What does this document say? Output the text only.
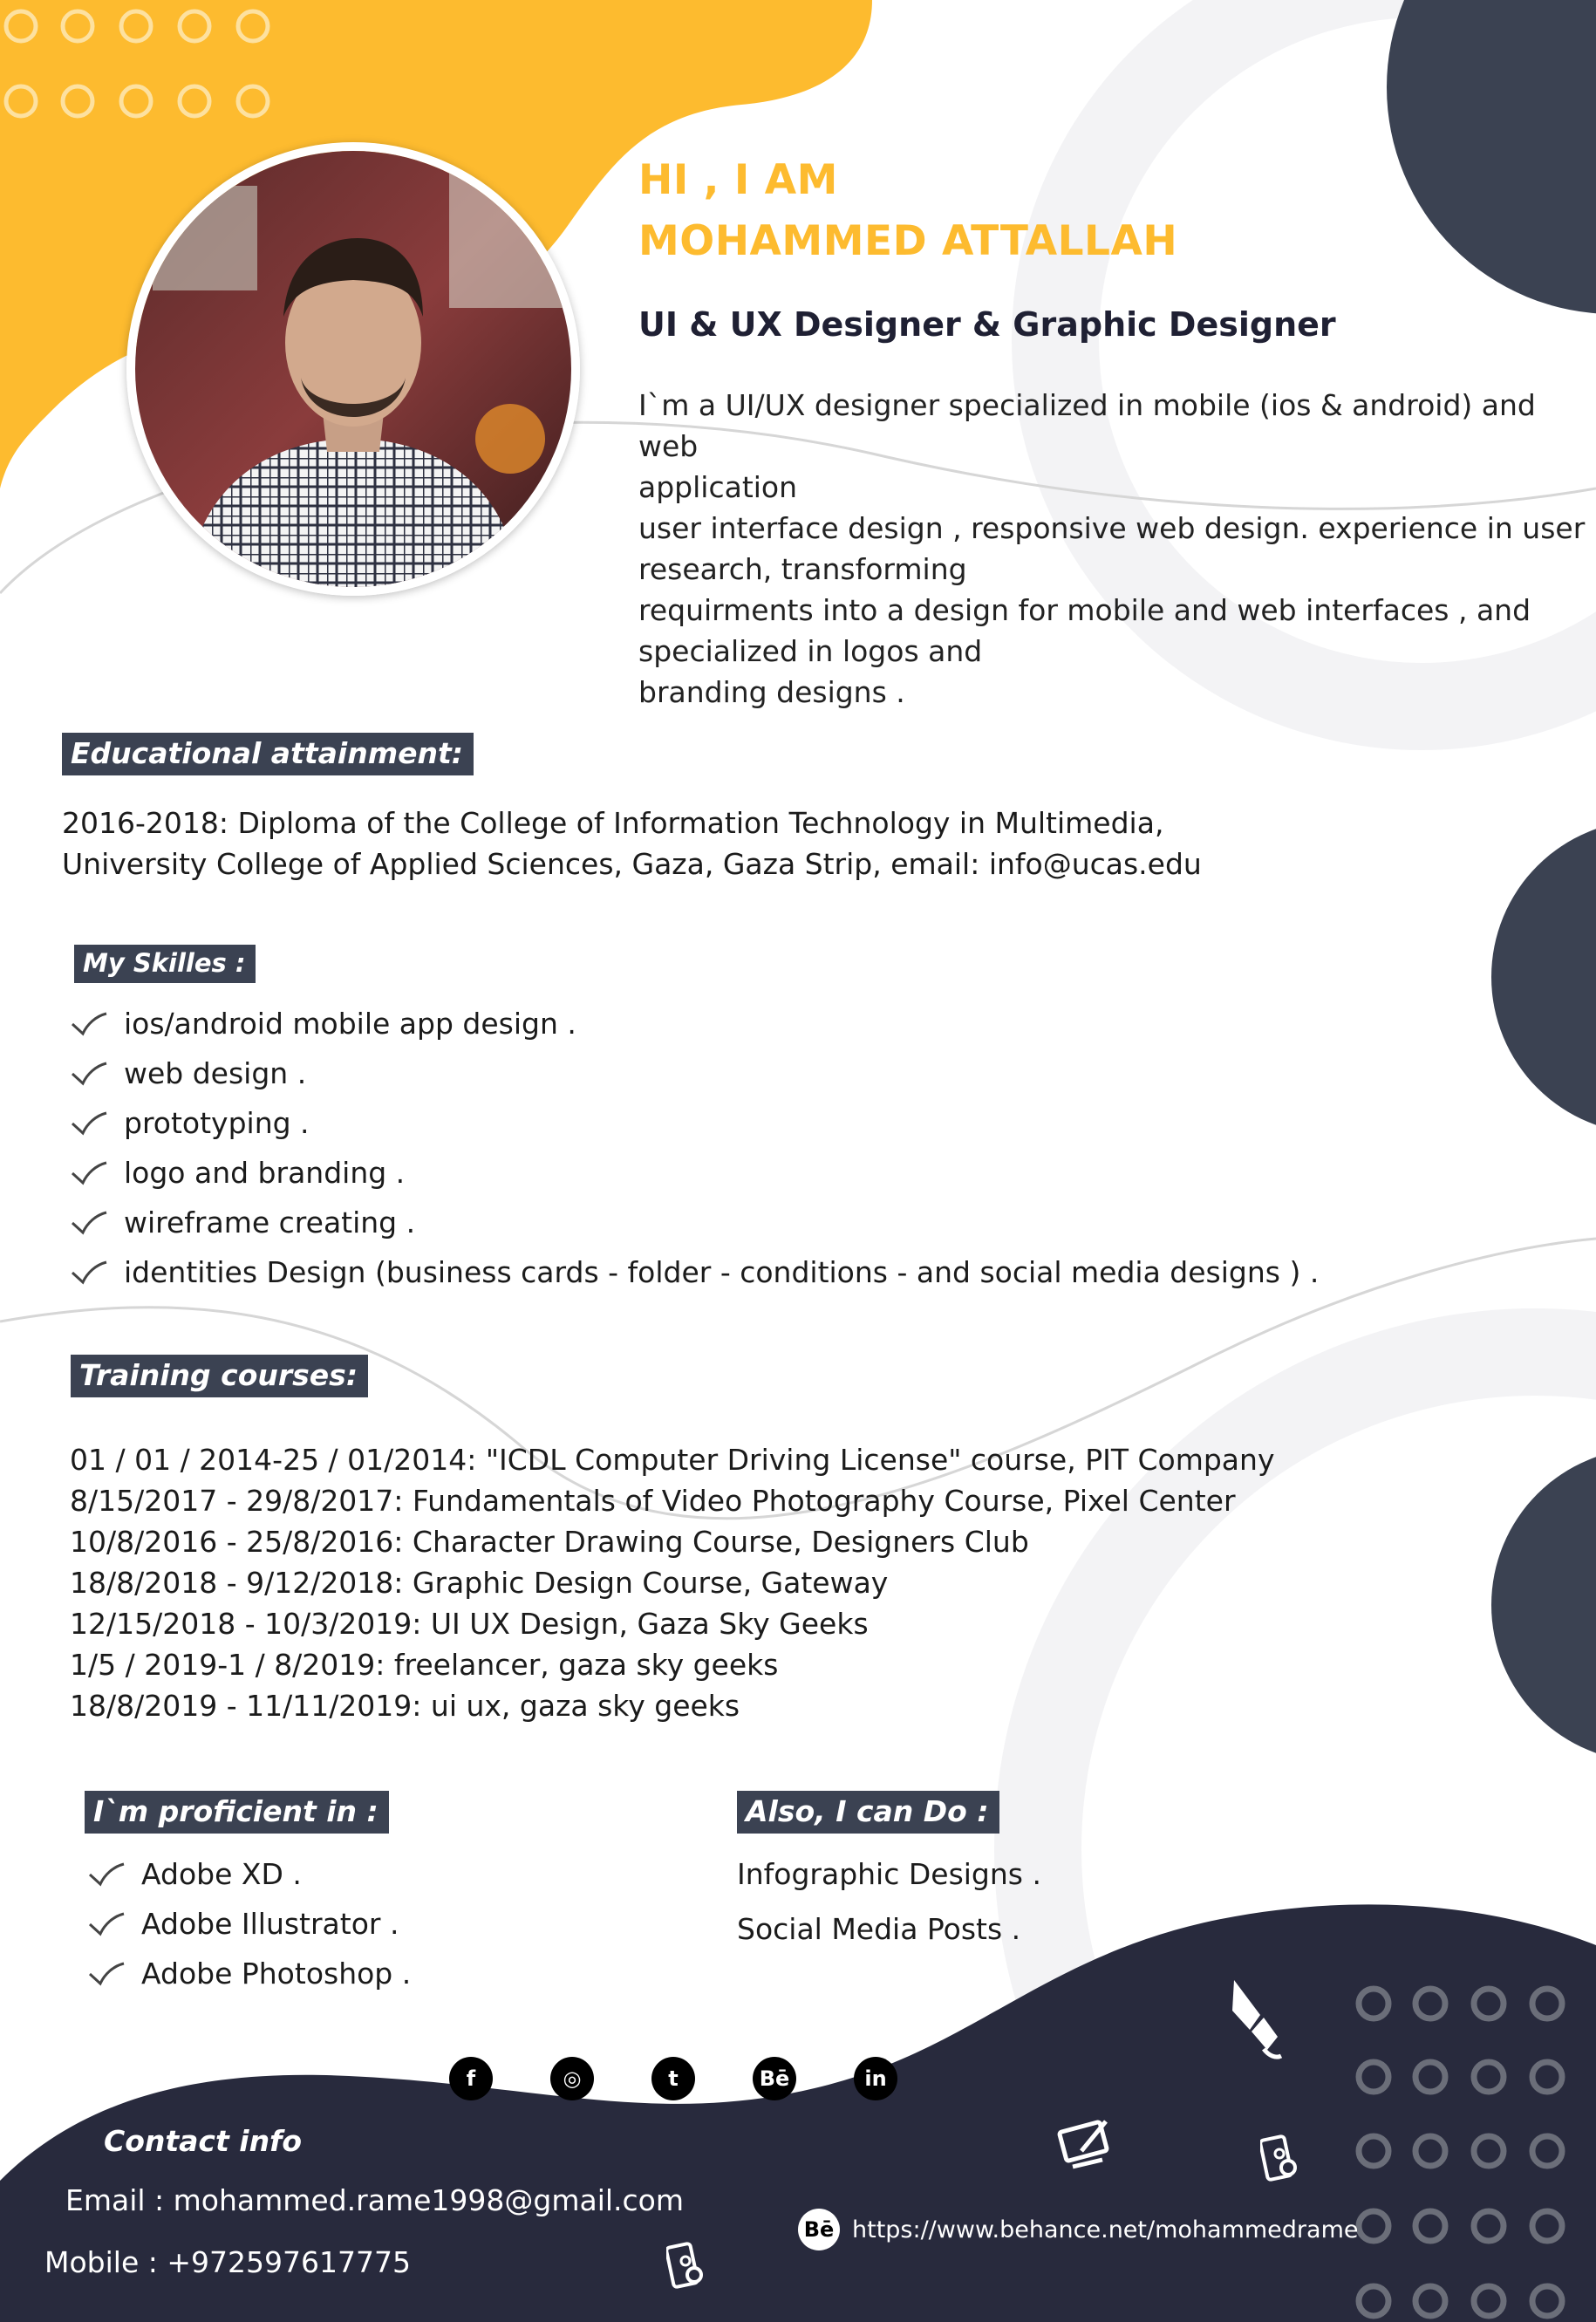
HI , I AM
MOHAMMED ATTALLAH
UI & UX Designer & Graphic Designer
I`m a UI/UX designer specialized in mobile (ios & android) and web
application
user interface design , responsive web design. experience in user
research, transforming
requirments into a design for mobile and web interfaces , and
specialized in logos and
branding designs .
Educational attainment:
2016-2018: Diploma of the College of Information Technology in Multimedia,
University College of Applied Sciences, Gaza, Gaza Strip, email: info@ucas.edu
My Skilles :
ios/android mobile app design .
web design .
prototyping .
logo and branding .
wireframe creating .
identities Design (business cards - folder - conditions - and social media designs ) .
Training courses:
01 / 01 / 2014-25 / 01/2014: "ICDL Computer Driving License" course, PIT Company
8/15/2017 - 29/8/2017: Fundamentals of Video Photography Course, Pixel Center
10/8/2016 - 25/8/2016: Character Drawing Course, Designers Club
18/8/2018 - 9/12/2018: Graphic Design Course, Gateway
12/15/2018 - 10/3/2019: UI UX Design, Gaza Sky Geeks
1/5 / 2019-1 / 8/2019: freelancer, gaza sky geeks
18/8/2019 - 11/11/2019: ui ux, gaza sky geeks
I`m proficient in :
Adobe XD .
Adobe Illustrator .
Adobe Photoshop .
Also, I can Do :
Infographic Designs .
Social Media Posts .
f	◎	t	Bē	in
Contact info
Email : mohammed.rame1998@gmail.com
Mobile : +972597617775
Bē https://www.behance.net/mohammedrame
